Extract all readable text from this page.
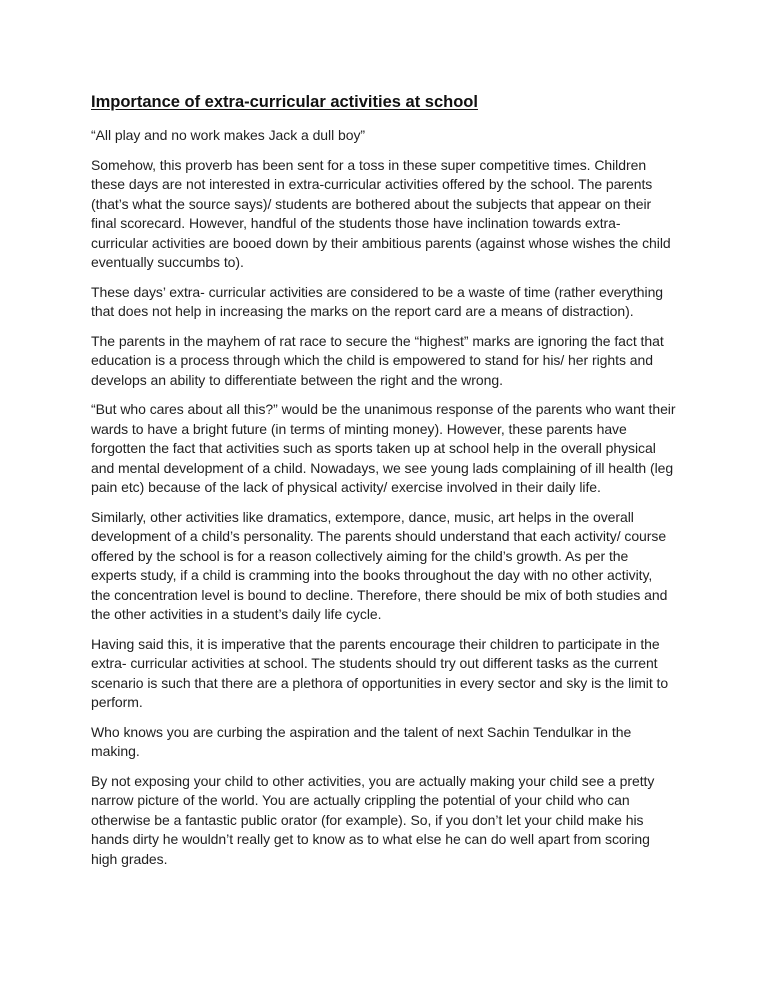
Importance of extra-curricular activities at school

“All play and no work makes Jack a dull boy”

Somehow, this proverb has been sent for a toss in these super competitive times. Children
these days are not interested in extra-curricular activities offered by the school. The parents
(that’s what the source says)/ students are bothered about the subjects that appear on their
final scorecard. However, handful of the students those have inclination towards extra-
curricular activities are booed down by their ambitious parents (against whose wishes the child
eventually succumbs to).

These days’ extra- curricular activities are considered to be a waste of time (rather everything
that does not help in increasing the marks on the report card are a means of distraction).

The parents in the mayhem of rat race to secure the “highest” marks are ignoring the fact that
education is a process through which the child is empowered to stand for his/ her rights and
develops an ability to differentiate between the right and the wrong.

“But who cares about all this?” would be the unanimous response of the parents who want their
wards to have a bright future (in terms of minting money). However, these parents have
forgotten the fact that activities such as sports taken up at school help in the overall physical
and mental development of a child. Nowadays, we see young lads complaining of ill health (leg
pain etc) because of the lack of physical activity/ exercise involved in their daily life.

Similarly, other activities like dramatics, extempore, dance, music, art helps in the overall
development of a child’s personality. The parents should understand that each activity/ course
offered by the school is for a reason collectively aiming for the child’s growth. As per the
experts study, if a child is cramming into the books throughout the day with no other activity,
the concentration level is bound to decline. Therefore, there should be mix of both studies and
the other activities in a student’s daily life cycle.

Having said this, it is imperative that the parents encourage their children to participate in the
extra- curricular activities at school. The students should try out different tasks as the current
scenario is such that there are a plethora of opportunities in every sector and sky is the limit to
perform.

Who knows you are curbing the aspiration and the talent of next Sachin Tendulkar in the
making.

By not exposing your child to other activities, you are actually making your child see a pretty
narrow picture of the world. You are actually crippling the potential of your child who can
otherwise be a fantastic public orator (for example). So, if you don’t let your child make his
hands dirty he wouldn’t really get to know as to what else he can do well apart from scoring
high grades.
